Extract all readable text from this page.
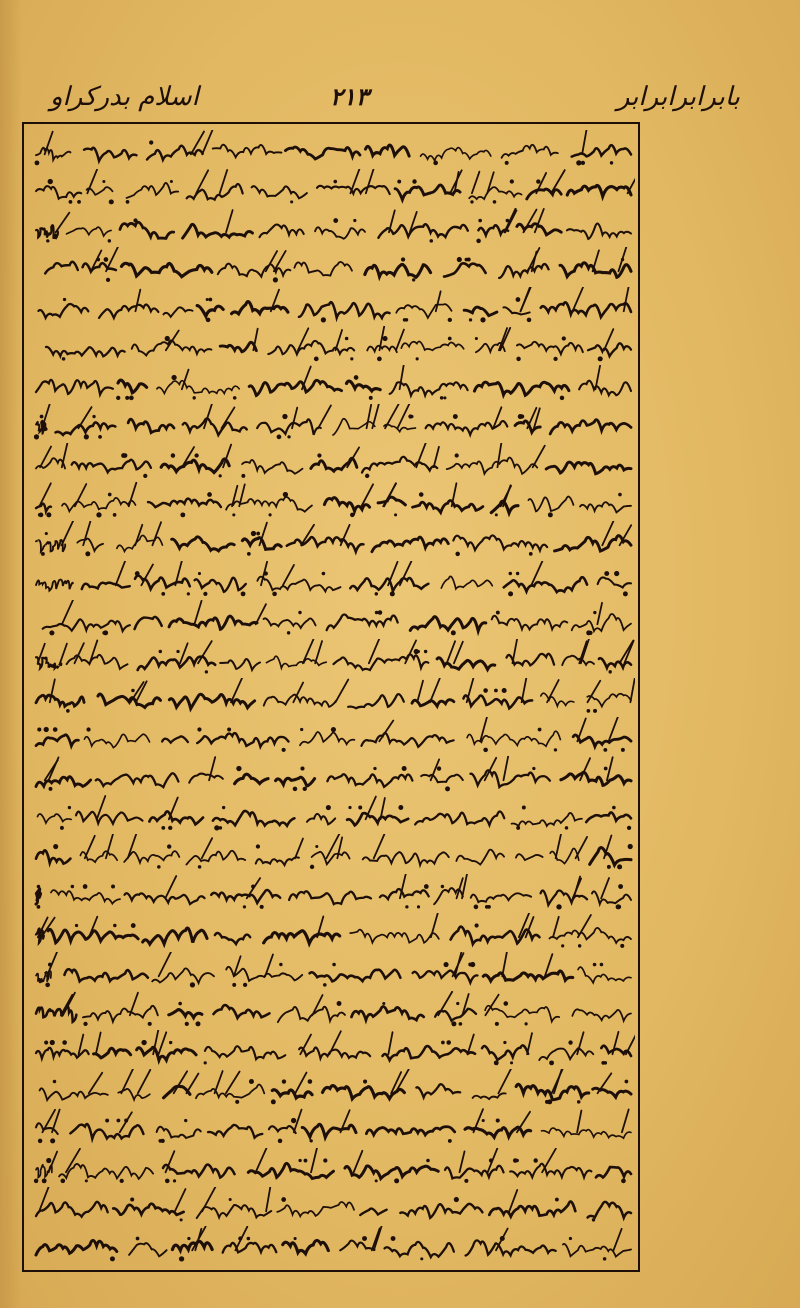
اسلام بدرکراو	۲۱۳	بابرابرابرابر
